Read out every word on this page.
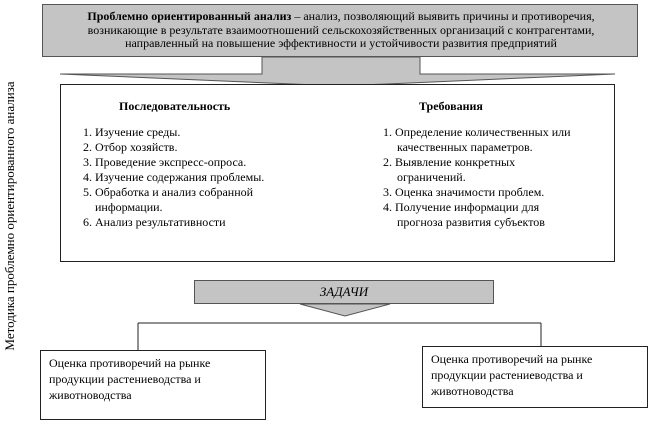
Методика проблемно ориентированного анализа
Проблемно ориентированный анализ – анализ, позволяющий выявить причины и противоречия, возникающие в результате взаимоотношений сельскохозяйственных организаций с контрагентами, направленный на повышение эффективности и устойчивости развития предприятий
Последовательность
1. Изучение среды.
2. Отбор хозяйств.
3. Проведение экспресс-опроса.
4. Изучение содержания проблемы.
5. Обработка и анализ собранной
информации.
6. Анализ результативности
Требования
1. Определение количественных или
качественных параметров.
2. Выявление конкретных
ограничений.
3. Оценка значимости проблем.
4. Получение информации для
прогноза развития субъектов
ЗАДАЧИ
Оценка противоречий на рынке продукции растениеводства и животноводства
Оценка противоречий на рынке продукции растениеводства и животноводства
